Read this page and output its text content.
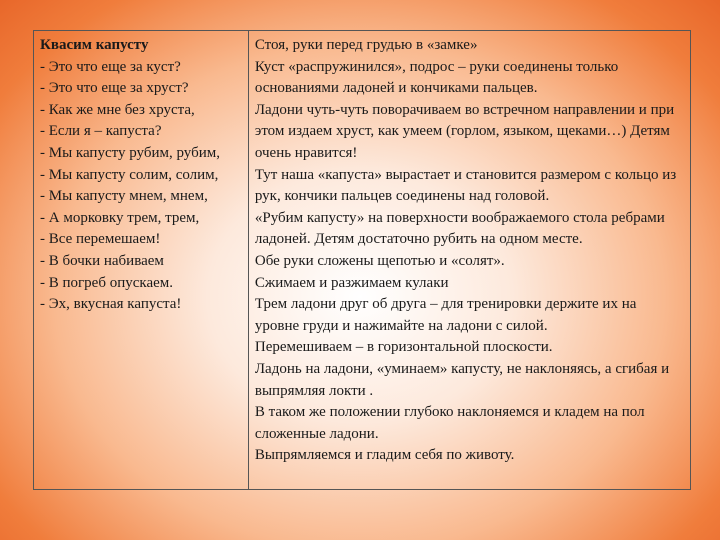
Квасим капусту
- Это что еще за куст?
- Это что еще за хруст?
- Как же мне без хруста,
- Если я – капуста?
- Мы капусту рубим, рубим,
- Мы капусту солим, солим,
- Мы капусту мнем, мнем,
- А морковку трем, трем,
- Все перемешаем!
- В бочки набиваем
- В погреб опускаем.
- Эх, вкусная капуста!

Стоя, руки перед грудью в «замке»
Куст «распружинился», подрос – руки соединены только основаниями ладоней и кончиками пальцев.
Ладони чуть-чуть поворачиваем во встречном направлении и при этом издаем хруст, как умеем (горлом, языком, щеками…) Детям очень нравится!
Тут наша «капуста» вырастает и становится размером с кольцо из рук, кончики пальцев соединены над головой.
«Рубим капусту» на поверхности воображаемого стола ребрами ладоней. Детям достаточно рубить на одном месте.
Обе руки сложены щепотью и «солят».
Сжимаем и разжимаем кулаки
Трем ладони друг об друга – для тренировки держите их на уровне груди и нажимайте на ладони с силой.
Перемешиваем – в горизонтальной плоскости.
Ладонь на ладони, «уминаем» капусту, не наклоняясь, а сгибая и выпрямляя локти .
В таком же положении глубоко наклоняемся и кладем на пол сложенные ладони.
Выпрямляемся и гладим себя по животу.
